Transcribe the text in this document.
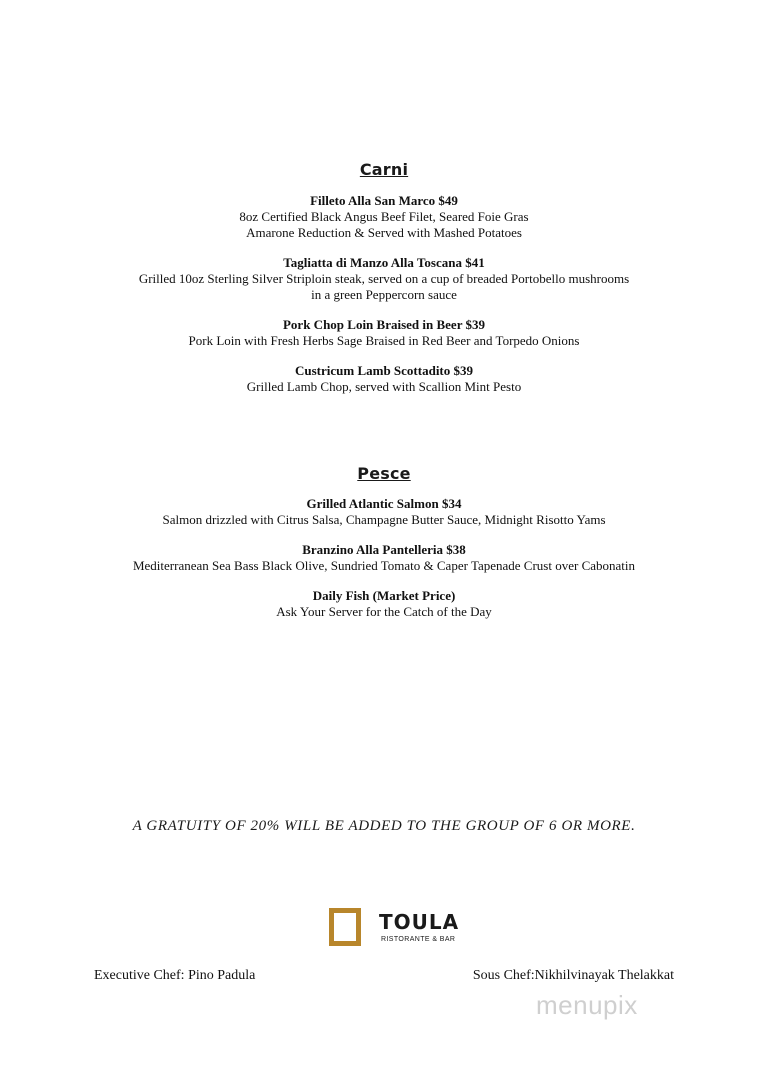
Carni
Filleto Alla San Marco $49
8oz Certified Black Angus Beef Filet, Seared Foie Gras
Amarone Reduction & Served with Mashed Potatoes
Tagliatta di Manzo Alla Toscana $41
Grilled 10oz Sterling Silver Striploin steak, served on a cup of breaded Portobello mushrooms
in a green Peppercorn sauce
Pork Chop Loin Braised in Beer $39
Pork Loin with Fresh Herbs Sage Braised in Red Beer and Torpedo Onions
Custricum Lamb Scottadito $39
Grilled Lamb Chop, served with Scallion Mint Pesto
Pesce
Grilled Atlantic Salmon $34
Salmon drizzled with Citrus Salsa, Champagne Butter Sauce, Midnight Risotto Yams
Branzino Alla Pantelleria $38
Mediterranean Sea Bass Black Olive, Sundried Tomato & Caper Tapenade Crust over Cabonatin
Daily Fish (Market Price)
Ask Your Server for the Catch of the Day
A GRATUITY OF 20% WILL BE ADDED TO THE GROUP OF 6 OR MORE.
TOULA
RISTORANTE & BAR
Executive Chef: Pino Padula	Sous Chef:Nikhilvinayak Thelakkat
menupix
